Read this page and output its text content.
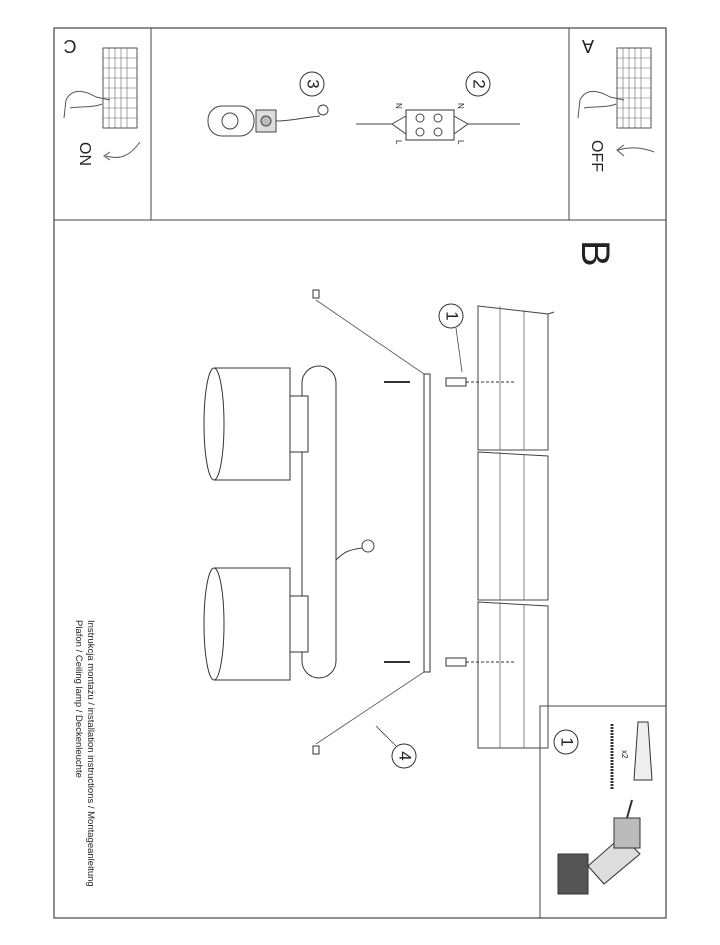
C
ON
A
OFF
3	2
N
L
N
L
B
1
4
1
x2
Instrukcja montażu / installation instructions / Montageanleitung
Plafon / Ceiling lamp / Deckenleuchte
